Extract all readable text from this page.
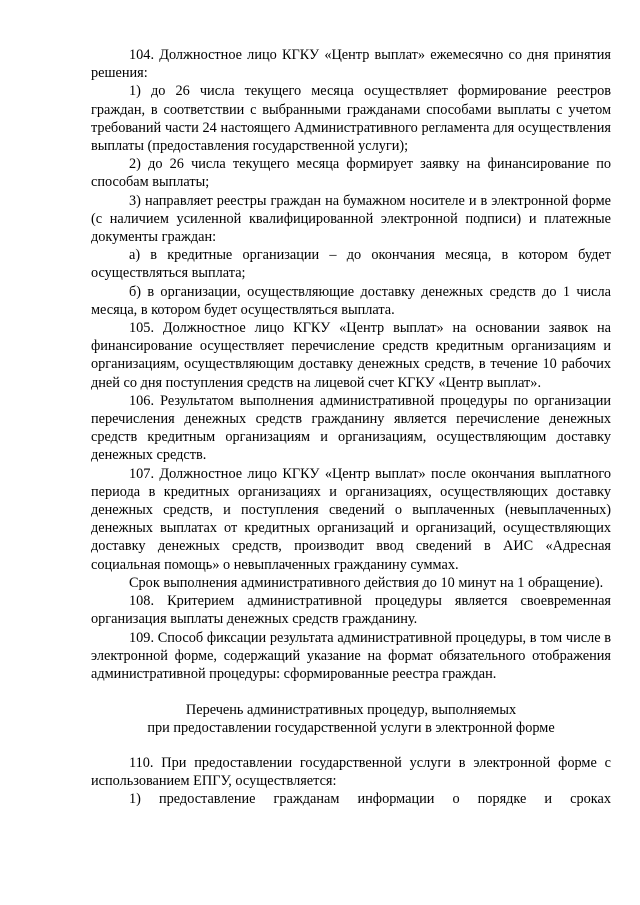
104. Должностное лицо КГКУ «Центр выплат» ежемесячно со дня принятия решения:

1) до 26 числа текущего месяца осуществляет формирование реестров граждан, в соответствии с выбранными гражданами способами выплаты с учетом требований части 24 настоящего Административного регламента для осуществления выплаты (предоставления государственной услуги);

2) до 26 числа текущего месяца формирует заявку на финансирование по способам выплаты;

3) направляет реестры граждан на бумажном носителе и в электронной форме (с наличием усиленной квалифицированной электронной подписи) и платежные документы граждан:

а) в кредитные организации – до окончания месяца, в котором будет осуществляться выплата;

б) в организации, осуществляющие доставку денежных средств до 1 числа месяца, в котором будет осуществляться выплата.

105. Должностное лицо КГКУ «Центр выплат» на основании заявок на финансирование осуществляет перечисление средств кредитным организациям и организациям, осуществляющим доставку денежных средств, в течение 10 рабочих дней со дня поступления средств на лицевой счет КГКУ «Центр выплат».

106. Результатом выполнения административной процедуры по организации перечисления денежных средств гражданину является перечисление денежных средств кредитным организациям и организациям, осуществляющим доставку денежных средств.

107. Должностное лицо КГКУ «Центр выплат» после окончания выплатного периода в кредитных организациях и организациях, осуществляющих доставку денежных средств, и поступления сведений о выплаченных (невыплаченных) денежных выплатах от кредитных организаций и организаций, осуществляющих доставку денежных средств, производит ввод сведений в АИС «Адресная социальная помощь» о невыплаченных гражданину суммах.

Срок выполнения административного действия до 10 минут на 1 обращение).

108. Критерием административной процедуры является своевременная организация выплаты денежных средств гражданину.

109. Способ фиксации результата административной процедуры, в том числе в электронной форме, содержащий указание на формат обязательного отображения административной процедуры: сформированные реестра граждан.

Перечень административных процедур, выполняемых

при предоставлении государственной услуги в электронной форме

110. При предоставлении государственной услуги в электронной форме с использованием ЕПГУ, осуществляется:

1) предоставление гражданам информации о порядке и сроках
